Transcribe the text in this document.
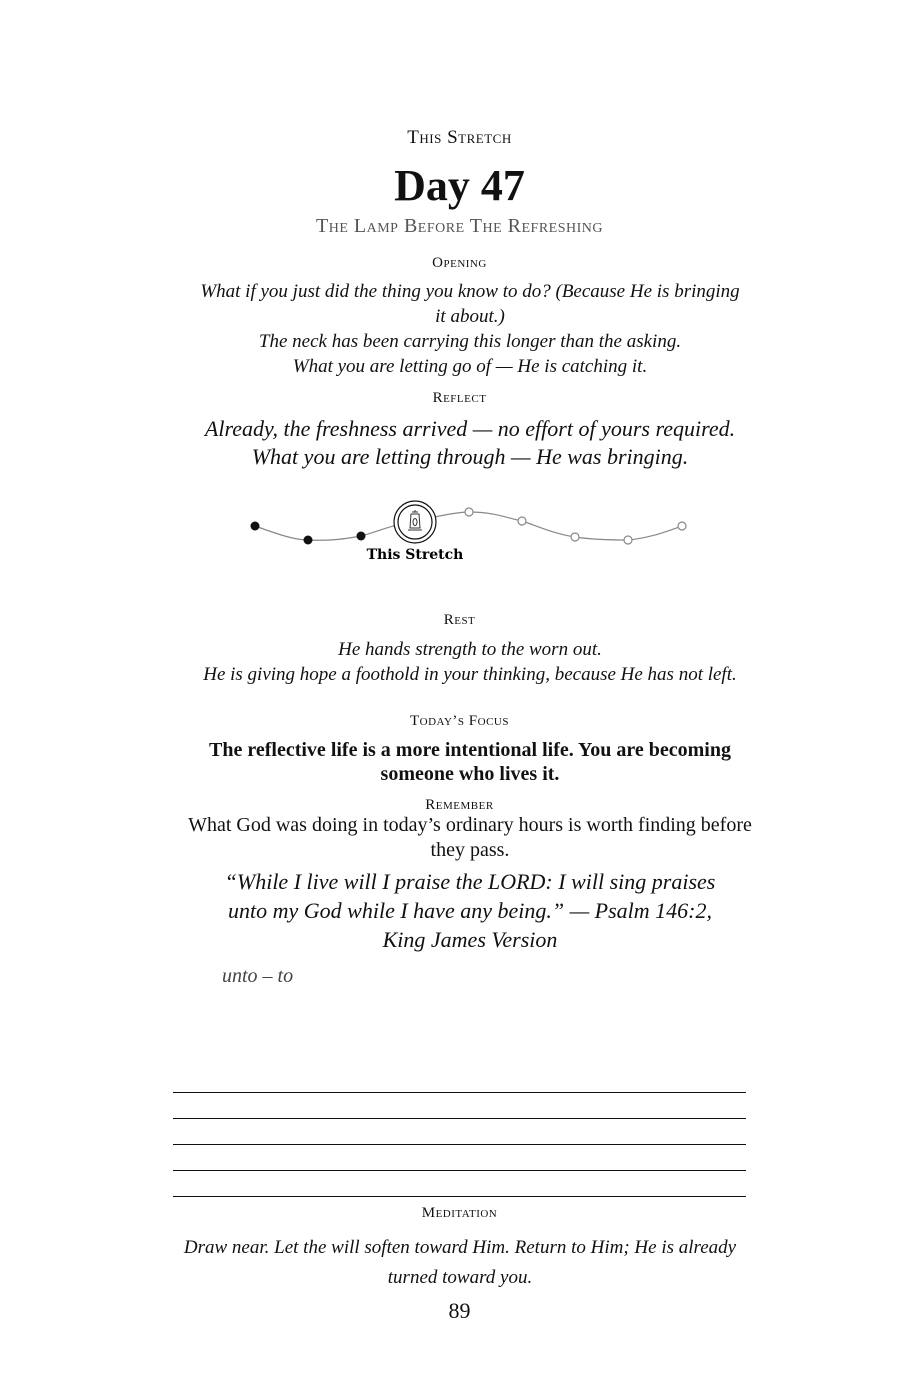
This Stretch
Day 47
The Lamp Before The Refreshing
Opening
What if you just did the thing you know to do? (Because He is bringing it about.)
The neck has been carrying this longer than the asking.
What you are letting go of — He is catching it.
Reflect
Already, the freshness arrived — no effort of yours required.
What you are letting through — He was bringing.
This Stretch
Rest
He hands strength to the worn out.
He is giving hope a foothold in your thinking, because He has not left.
Today’s Focus
The reflective life is a more intentional life. You are becoming someone who lives it.
Remember
What God was doing in today’s ordinary hours is worth finding before they pass.
“While I live will I praise the LORD: I will sing praises unto my God while I have any being.” — Psalm 146:2, King James Version
unto – to
Meditation
Draw near. Let the will soften toward Him. Return to Him; He is already turned toward you.
89
